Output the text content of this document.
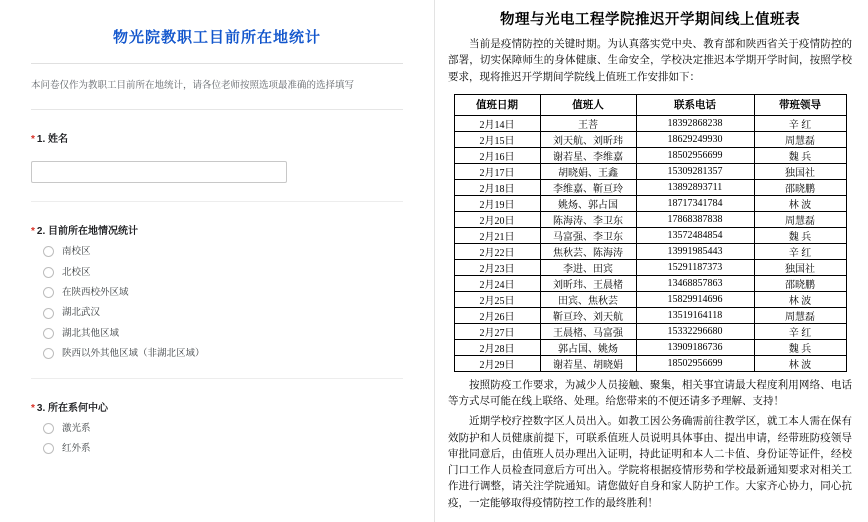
物光院教职工目前所在地统计
本问卷仅作为教职工目前所在地统计，请各位老师按照选项最准确的选择填写
* 1. 姓名
* 2. 目前所在地情况统计
南校区
北校区
在陕西校外区域
湖北武汉
湖北其他区域
陕西以外其他区域（非湖北区域）
* 3. 所在系何中心
激光系
红外系
物理与光电工程学院推迟开学期间线上值班表

当前是疫情防控的关键时期。为认真落实党中央、教育部和陕西省关于疫情防控的部署，切实保障师生的身体健康、生命安全，学校决定推迟本学期开学时间，按照学校要求，现将推迟开学期间学院线上值班工作安排如下：

值班日期	值班人	联系电话	带班领导
2月14日	王菩	18392868238	辛 红
2月15日	刘天航、刘昕玮	18629249930	周慧磊
2月16日	谢若星、李维嘉	18502956699	魏 兵
2月17日	胡晓娟、王鑫	15309281357	独国社
2月18日	李维嘉、靳亘玲	13892893711	邵晓鹏
2月19日	姚炀、郭占国	18717341784	林 波
2月20日	陈海涛、李卫东	17868387838	周慧磊
2月21日	马富强、李卫东	13572484854	魏 兵
2月22日	焦秋芸、陈海涛	13991985443	辛 红
2月23日	李进、田宾	15291187373	独国社
2月24日	刘昕玮、王晨楮	13468857863	邵晓鹏
2月25日	田宾、焦秋芸	15829914696	林 波
2月26日	靳亘玲、刘天航	13519164118	周慧磊
2月27日	王晨楮、马富强	15332296680	辛 红
2月28日	郭占国、姚炀	13909186736	魏 兵
2月29日	谢若星、胡晓娟	18502956699	林 波

按照防疫工作要求，为减少人员接触、聚集，相关事宜请最大程度利用网络、电话等方式尽可能在线上联络、处理。给您带来的不便还请多予理解、支持！

近期学校疗控数字区人员出入。如教工因公务确需前往教学区，就工本人需在保有效防护和人员健康前提下，可联系值班人员说明具体事由、提出申请，经带班防疫领导审批同意后，由值班人员办理出入证明，持此证明和本人二卡值、身份证等证件，经校门口工作人员检查同意后方可出入。学院将根据疫情形势和学校最新通知要求对相关工作进行调整，请关注学院通知。请您做好自身和家人防护工作。大家齐心协力，同心抗疫，一定能够取得疫情防控工作的最终胜利！
